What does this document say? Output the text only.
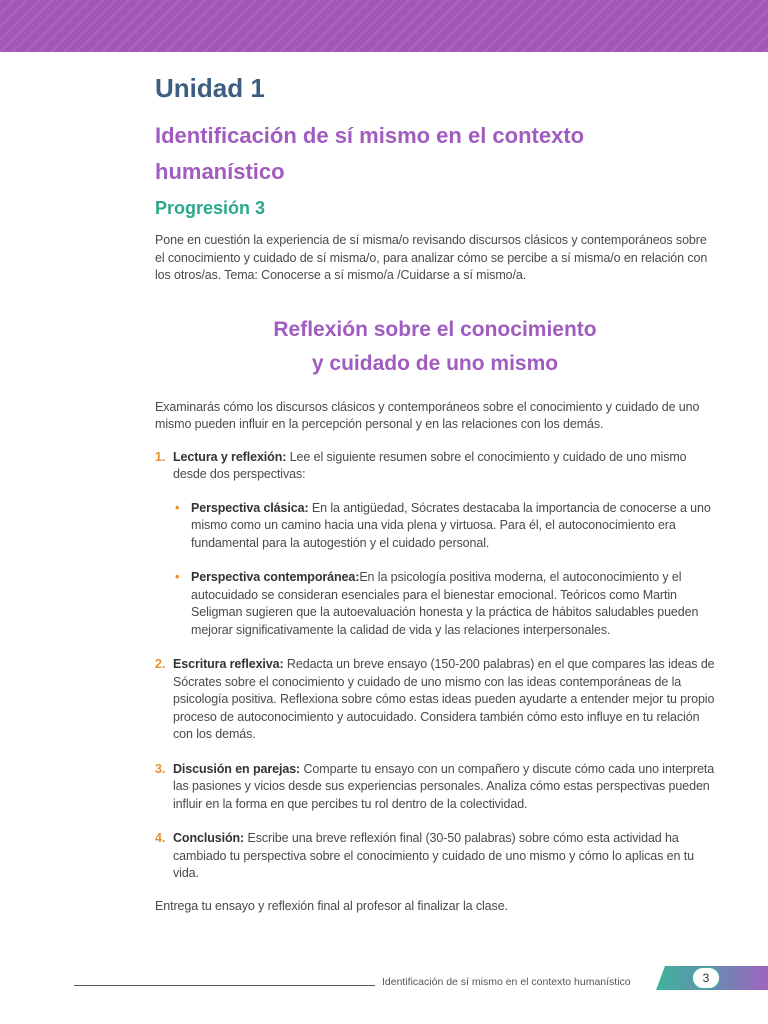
Unidad 1
Identificación de sí mismo en el contexto humanístico
Progresión 3

Pone en cuestión la experiencia de sí misma/o revisando discursos clásicos y contemporáneos sobre el conocimiento y cuidado de sí misma/o, para analizar cómo se percibe a sí misma/o en relación con los otros/as. Tema: Conocerse a sí mismo/a /Cuidarse a sí mismo/a.

Reflexión sobre el conocimiento
y cuidado de uno mismo

Examinarás cómo los discursos clásicos y contemporáneos sobre el conocimiento y cuidado de uno mismo pueden influir en la percepción personal y en las relaciones con los demás.

1. Lectura y reflexión: Lee el siguiente resumen sobre el conocimiento y cuidado de uno mismo desde dos perspectivas:
• Perspectiva clásica: En la antigüedad, Sócrates destacaba la importancia de conocerse a uno mismo como un camino hacia una vida plena y virtuosa. Para él, el autoconocimiento era fundamental para la autogestión y el cuidado personal.
• Perspectiva contemporánea:En la psicología positiva moderna, el autoconocimiento y el autocuidado se consideran esenciales para el bienestar emocional. Teóricos como Martin Seligman sugieren que la autoevaluación honesta y la práctica de hábitos saludables pueden mejorar significativamente la calidad de vida y las relaciones interpersonales.
2. Escritura reflexiva: Redacta un breve ensayo (150-200 palabras) en el que compares las ideas de Sócrates sobre el conocimiento y cuidado de uno mismo con las ideas contemporáneas de la psicología positiva. Reflexiona sobre cómo estas ideas pueden ayudarte a entender mejor tu propio proceso de autoconocimiento y autocuidado. Considera también cómo esto influye en tu relación con los demás.
3. Discusión en parejas: Comparte tu ensayo con un compañero y discute cómo cada uno interpreta las pasiones y vicios desde sus experiencias personales. Analiza cómo estas perspectivas pueden influir en la forma en que percibes tu rol dentro de la colectividad.
4. Conclusión: Escribe una breve reflexión final (30-50 palabras) sobre cómo esta actividad ha cambiado tu perspectiva sobre el conocimiento y cuidado de uno mismo y cómo lo aplicas en tu vida.

Entrega tu ensayo y reflexión final al profesor al finalizar la clase.

Identificación de sí mismo en el contexto humanístico	3
